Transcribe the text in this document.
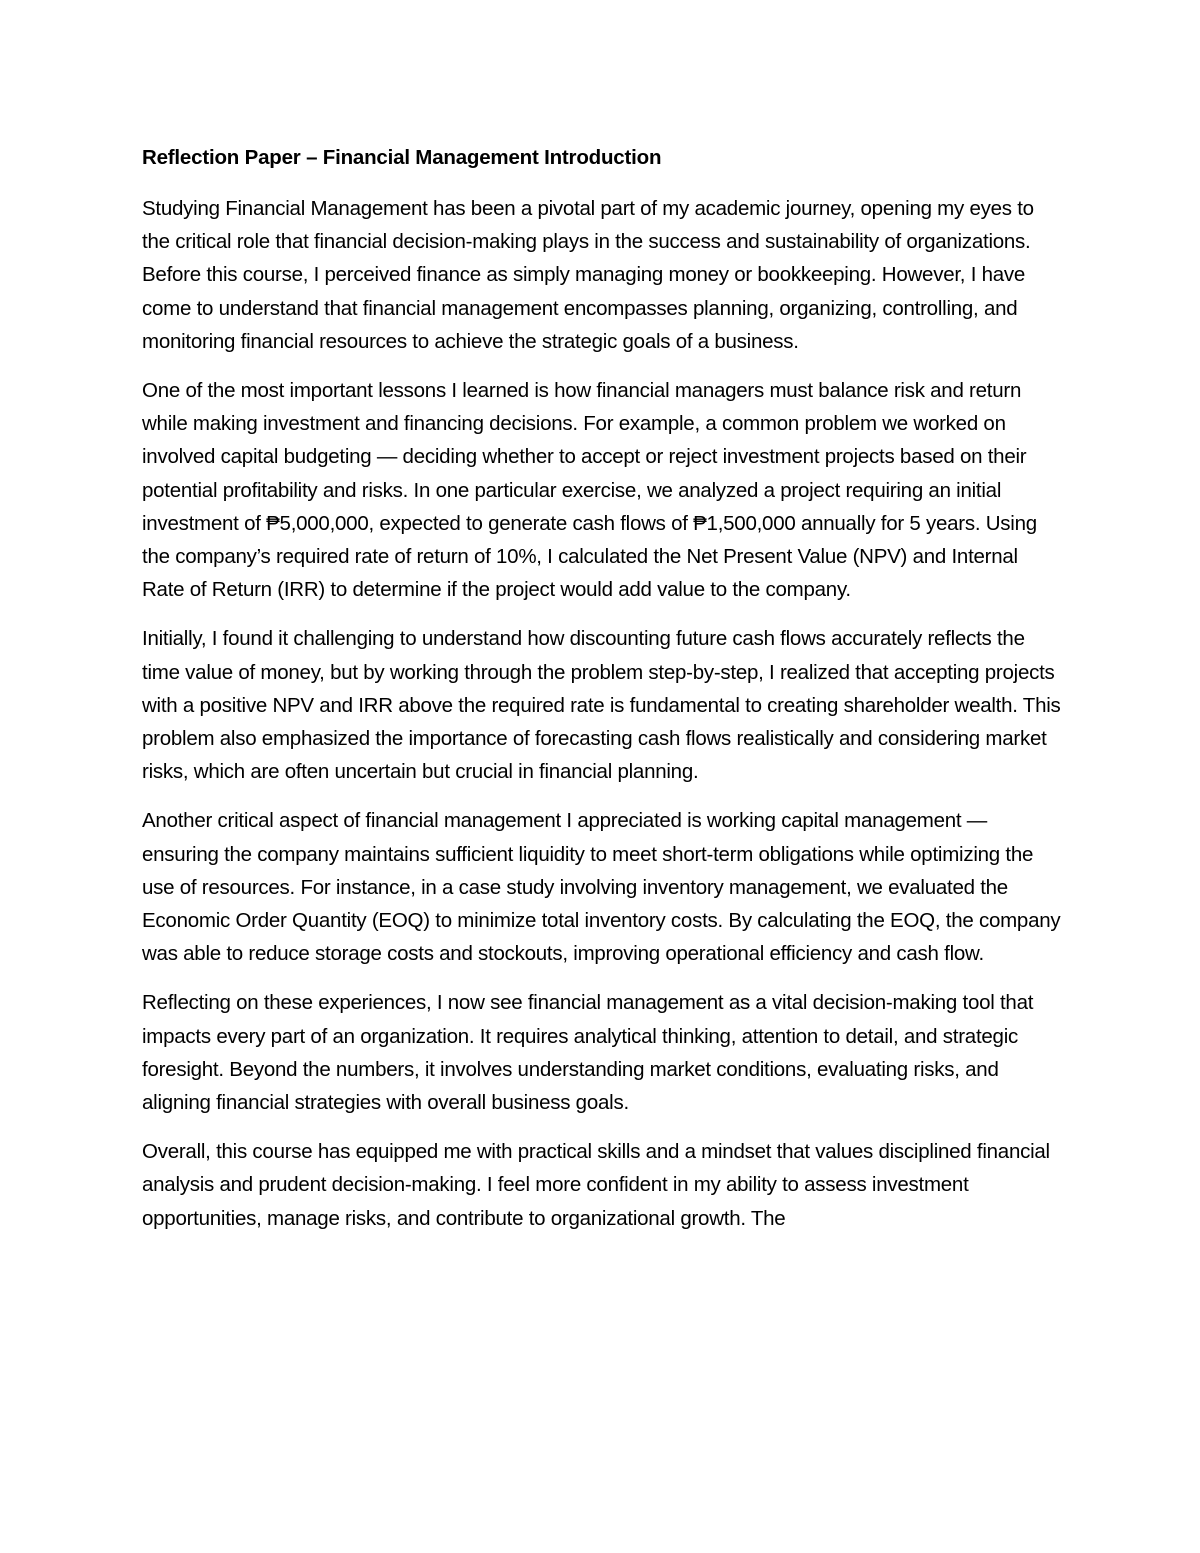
Reflection Paper – Financial Management Introduction

Studying Financial Management has been a pivotal part of my academic journey, opening my eyes to the critical role that financial decision-making plays in the success and sustainability of organizations. Before this course, I perceived finance as simply managing money or bookkeeping. However, I have come to understand that financial management encompasses planning, organizing, controlling, and monitoring financial resources to achieve the strategic goals of a business.

One of the most important lessons I learned is how financial managers must balance risk and return while making investment and financing decisions. For example, a common problem we worked on involved capital budgeting — deciding whether to accept or reject investment projects based on their potential profitability and risks. In one particular exercise, we analyzed a project requiring an initial investment of ₱5,000,000, expected to generate cash flows of ₱1,500,000 annually for 5 years. Using the company’s required rate of return of 10%, I calculated the Net Present Value (NPV) and Internal Rate of Return (IRR) to determine if the project would add value to the company.

Initially, I found it challenging to understand how discounting future cash flows accurately reflects the time value of money, but by working through the problem step-by-step, I realized that accepting projects with a positive NPV and IRR above the required rate is fundamental to creating shareholder wealth. This problem also emphasized the importance of forecasting cash flows realistically and considering market risks, which are often uncertain but crucial in financial planning.

Another critical aspect of financial management I appreciated is working capital management — ensuring the company maintains sufficient liquidity to meet short-term obligations while optimizing the use of resources. For instance, in a case study involving inventory management, we evaluated the Economic Order Quantity (EOQ) to minimize total inventory costs. By calculating the EOQ, the company was able to reduce storage costs and stockouts, improving operational efficiency and cash flow.

Reflecting on these experiences, I now see financial management as a vital decision-making tool that impacts every part of an organization. It requires analytical thinking, attention to detail, and strategic foresight. Beyond the numbers, it involves understanding market conditions, evaluating risks, and aligning financial strategies with overall business goals.

Overall, this course has equipped me with practical skills and a mindset that values disciplined financial analysis and prudent decision-making. I feel more confident in my ability to assess investment opportunities, manage risks, and contribute to organizational growth. The
